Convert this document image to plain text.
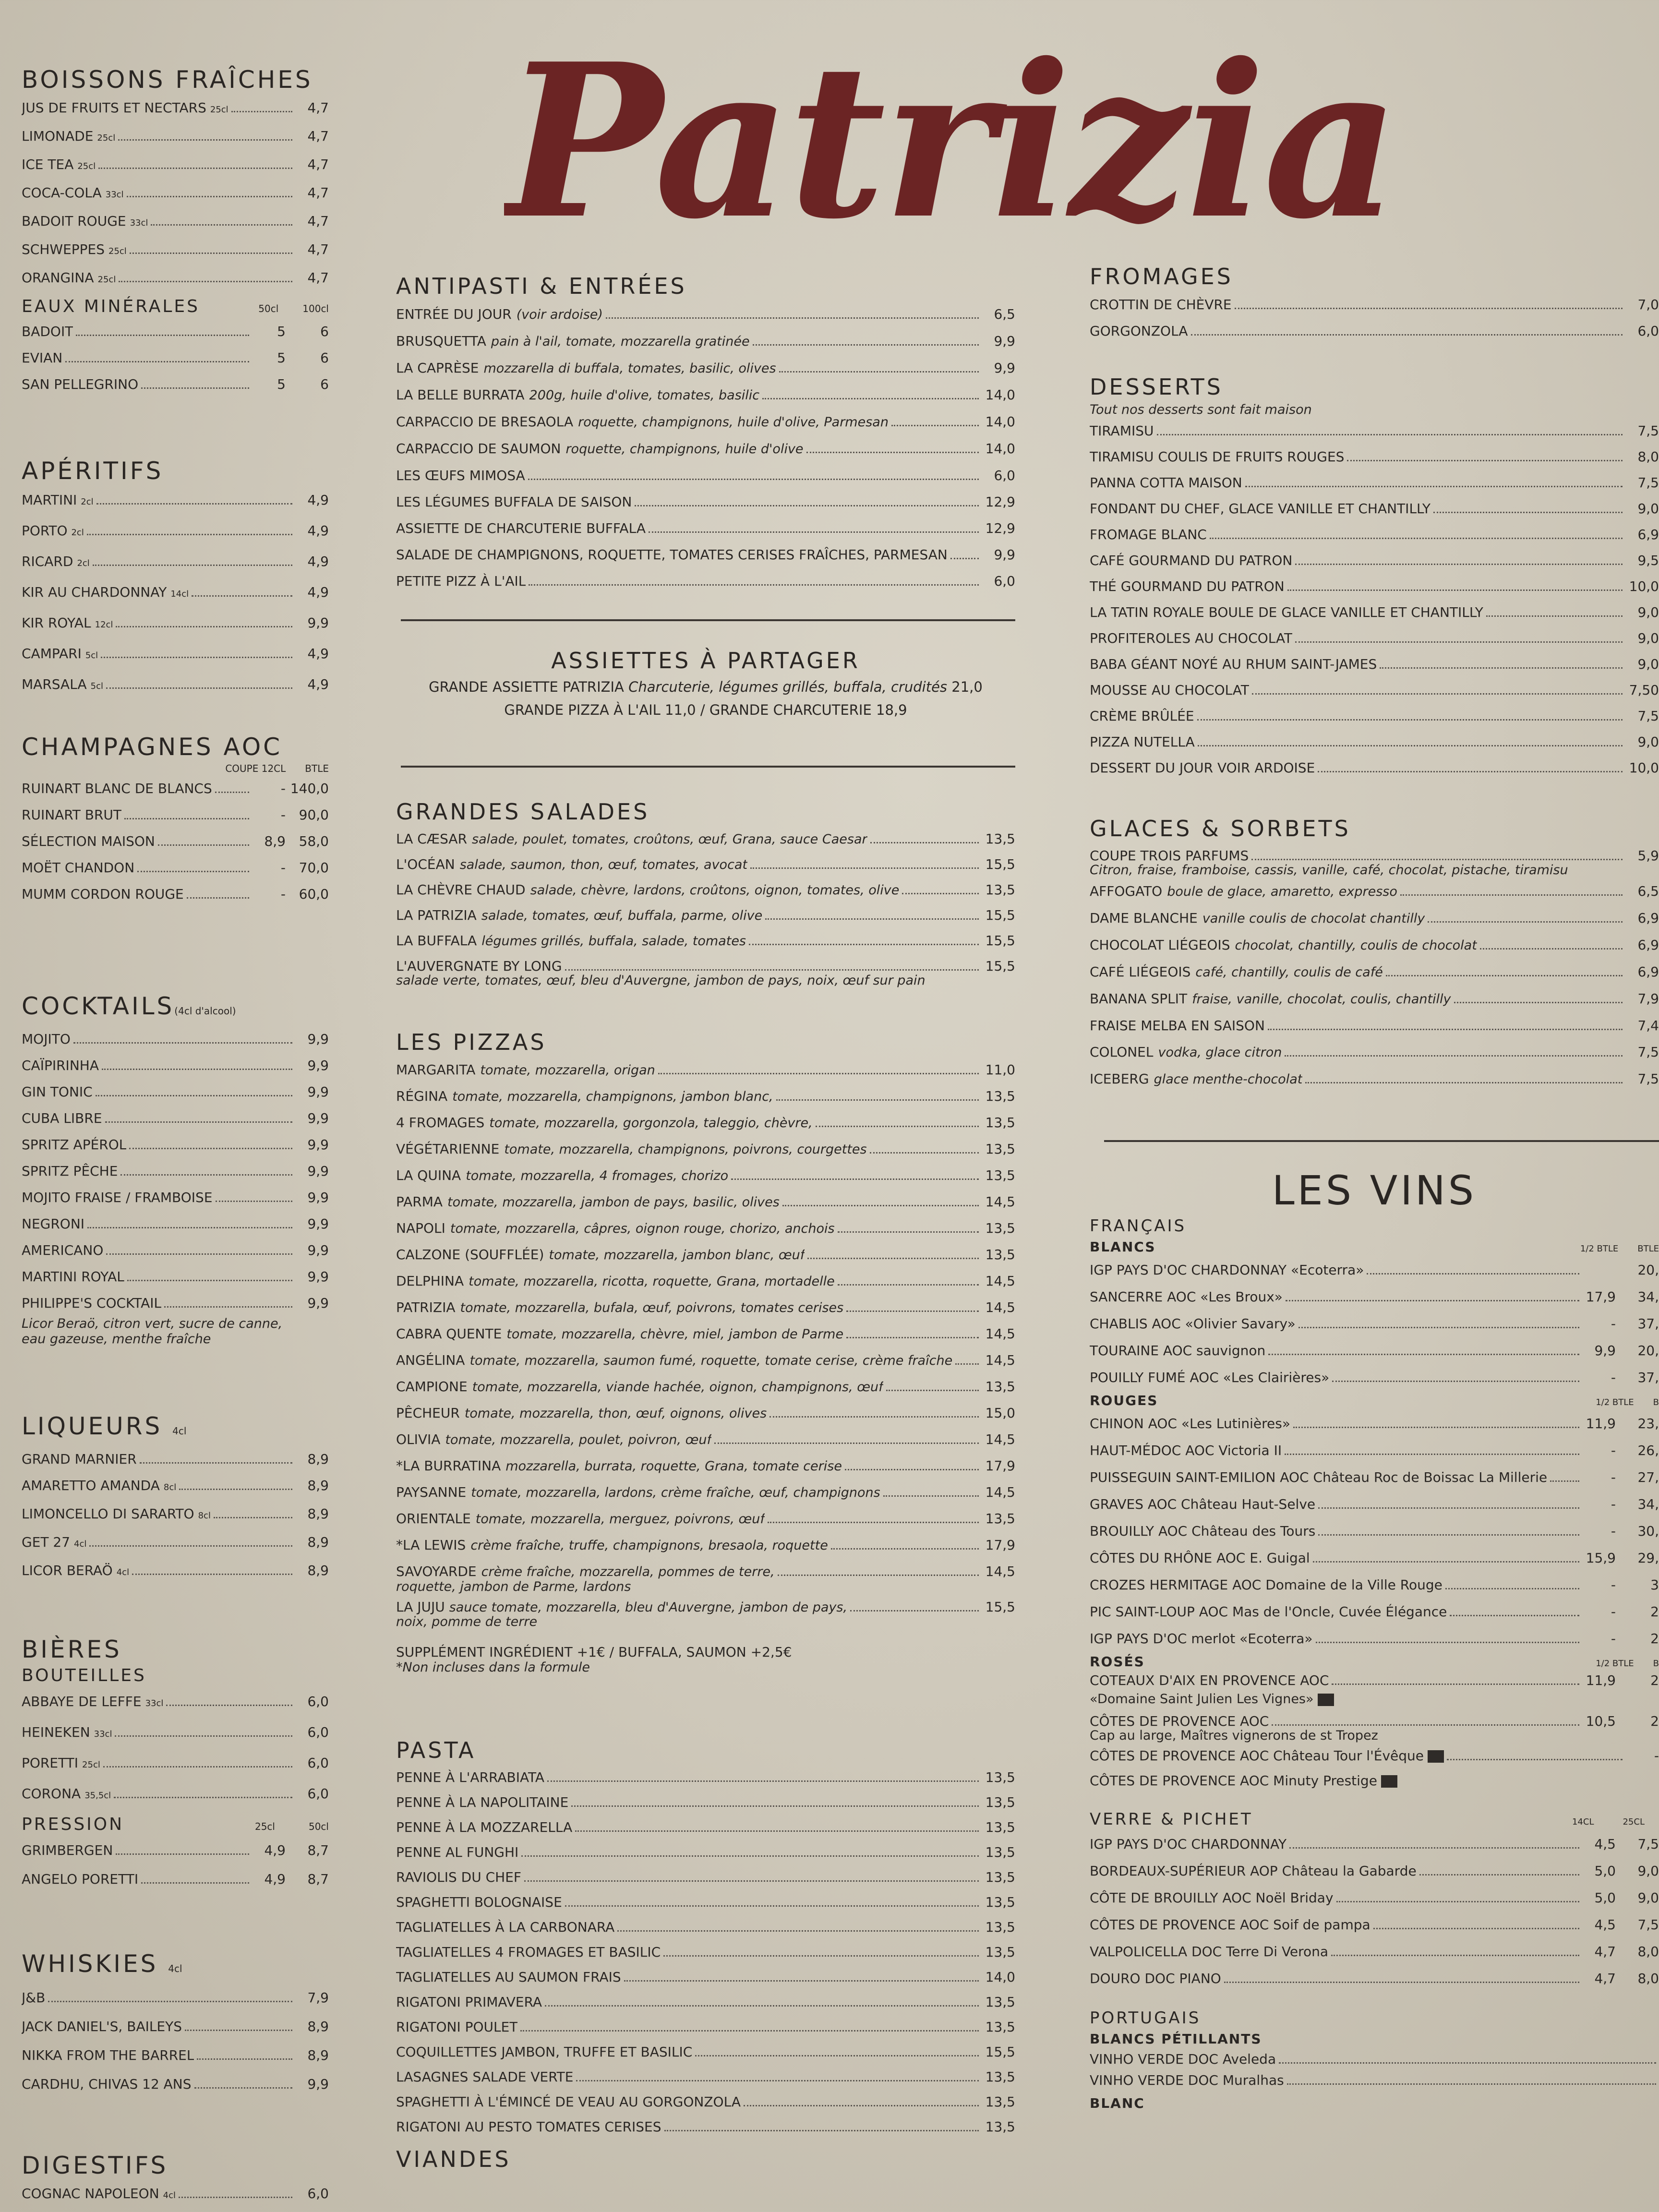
Patrizia
BOISSONS FRAÎCHES
JUS DE FRUITS ET NECTARS 25cl	4,7
LIMONADE 25cl	4,7
ICE TEA 25cl	4,7
COCA-COLA 33cl	4,7
BADOIT ROUGE 33cl	4,7
SCHWEPPES 25cl	4,7
ORANGINA 25cl	4,7
EAUX MINÉRALES	50cl	100cl
BADOIT	5	6
EVIAN	5	6
SAN PELLEGRINO	5	6
APÉRITIFS
MARTINI 2cl	4,9
PORTO 2cl	4,9
RICARD 2cl	4,9
KIR AU CHARDONNAY 14cl	4,9
KIR ROYAL 12cl	9,9
CAMPARI 5cl	4,9
MARSALA 5cl	4,9
CHAMPAGNES AOC
COUPE 12CL BTLE
RUINART BLANC DE BLANCS	- 140,0
RUINART BRUT	- 90,0
SÉLECTION MAISON	8,9 58,0
MOËT CHANDON	- 70,0
MUMM CORDON ROUGE	- 60,0
COCKTAILS(4cl d'alcool)
MOJITO	9,9
CAÏPIRINHA	9,9
GIN TONIC	9,9
CUBA LIBRE	9,9
SPRITZ APÉROL	9,9
SPRITZ PÊCHE	9,9
MOJITO FRAISE / FRAMBOISE	9,9
NEGRONI	9,9
AMERICANO	9,9
MARTINI ROYAL	9,9
PHILIPPE'S COCKTAIL	9,9
Licor Beraö, citron vert, sucre de canne,
eau gazeuse, menthe fraîche
LIQUEURS 4cl
GRAND MARNIER	8,9
AMARETTO AMANDA 8cl	8,9
LIMONCELLO DI SARARTO 8cl	8,9
GET 27 4cl	8,9
LICOR BERAÖ 4cl	8,9
BIÈRES
BOUTEILLES
ABBAYE DE LEFFE 33cl	6,0
HEINEKEN 33cl	6,0
PORETTI 25cl	6,0
CORONA 35,5cl	6,0
PRESSION	25cl	50cl
GRIMBERGEN	4,9	8,7
ANGELO PORETTI	4,9	8,7
WHISKIES 4cl
J&B	7,9
JACK DANIEL'S, BAILEYS	8,9
NIKKA FROM THE BARREL	8,9
CARDHU, CHIVAS 12 ANS	9,9
DIGESTIFS
COGNAC NAPOLEON 4cl	6,0
ANTIPASTI & ENTRÉES
ENTRÉE DU JOUR (voir ardoise)	6,5
BRUSQUETTA pain à l'ail, tomate, mozzarella gratinée	9,9
LA CAPRÈSE mozzarella di buffala, tomates, basilic, olives	9,9
LA BELLE BURRATA 200g, huile d'olive, tomates, basilic	14,0
CARPACCIO DE BRESAOLA roquette, champignons, huile d'olive, Parmesan	14,0
CARPACCIO DE SAUMON roquette, champignons, huile d'olive	14,0
LES ŒUFS MIMOSA	6,0
LES LÉGUMES BUFFALA DE SAISON	12,9
ASSIETTE DE CHARCUTERIE BUFFALA	12,9
SALADE DE CHAMPIGNONS, ROQUETTE, TOMATES CERISES FRAÎCHES, PARMESAN	9,9
PETITE PIZZ À L'AIL	6,0
ASSIETTES À PARTAGER
GRANDE ASSIETTE PATRIZIA Charcuterie, légumes grillés, buffala, crudités 21,0
GRANDE PIZZA À L'AIL 11,0 / GRANDE CHARCUTERIE 18,9
GRANDES SALADES
LA CÆSAR salade, poulet, tomates, croûtons, œuf, Grana, sauce Caesar	13,5
L'OCÉAN salade, saumon, thon, œuf, tomates, avocat	15,5
LA CHÈVRE CHAUD salade, chèvre, lardons, croûtons, oignon, tomates, olive	13,5
LA PATRIZIA salade, tomates, œuf, buffala, parme, olive	15,5
LA BUFFALA légumes grillés, buffala, salade, tomates	15,5
L'AUVERGNATE BY LONG	15,5
salade verte, tomates, œuf, bleu d'Auvergne, jambon de pays, noix, œuf sur pain
LES PIZZAS
MARGARITA tomate, mozzarella, origan	11,0
RÉGINA tomate, mozzarella, champignons, jambon blanc,	13,5
4 FROMAGES tomate, mozzarella, gorgonzola, taleggio, chèvre,	13,5
VÉGÉTARIENNE tomate, mozzarella, champignons, poivrons, courgettes	13,5
LA QUINA tomate, mozzarella, 4 fromages, chorizo	13,5
PARMA tomate, mozzarella, jambon de pays, basilic, olives	14,5
NAPOLI tomate, mozzarella, câpres, oignon rouge, chorizo, anchois	13,5
CALZONE (SOUFFLÉE) tomate, mozzarella, jambon blanc, œuf	13,5
DELPHINA tomate, mozzarella, ricotta, roquette, Grana, mortadelle	14,5
PATRIZIA tomate, mozzarella, bufala, œuf, poivrons, tomates cerises	14,5
CABRA QUENTE tomate, mozzarella, chèvre, miel, jambon de Parme	14,5
ANGÉLINA tomate, mozzarella, saumon fumé, roquette, tomate cerise, crème fraîche 14,5
CAMPIONE tomate, mozzarella, viande hachée, oignon, champignons, œuf	13,5
PÊCHEUR tomate, mozzarella, thon, œuf, oignons, olives	15,0
OLIVIA tomate, mozzarella, poulet, poivron, œuf	14,5
*LA BURRATINA mozzarella, burrata, roquette, Grana, tomate cerise	17,9
PAYSANNE tomate, mozzarella, lardons, crème fraîche, œuf, champignons	14,5
ORIENTALE tomate, mozzarella, merguez, poivrons, œuf	13,5
*LA LEWIS crème fraîche, truffe, champignons, bresaola, roquette	17,9
SAVOYARDE crème fraîche, mozzarella, pommes de terre,	14,5
roquette, jambon de Parme, lardons
LA JUJU sauce tomate, mozzarella, bleu d'Auvergne, jambon de pays,	15,5
noix, pomme de terre
SUPPLÉMENT INGRÉDIENT +1€ / BUFFALA, SAUMON +2,5€
*Non incluses dans la formule
PASTA
PENNE À L'ARRABIATA	13,5
PENNE À LA NAPOLITAINE	13,5
PENNE À LA MOZZARELLA	13,5
PENNE AL FUNGHI	13,5
RAVIOLIS DU CHEF	13,5
SPAGHETTI BOLOGNAISE	13,5
TAGLIATELLES À LA CARBONARA	13,5
TAGLIATELLES 4 FROMAGES ET BASILIC	13,5
TAGLIATELLES AU SAUMON FRAIS	14,0
RIGATONI PRIMAVERA	13,5
RIGATONI POULET	13,5
COQUILLETTES JAMBON, TRUFFE ET BASILIC	15,5
LASAGNES SALADE VERTE	13,5
SPAGHETTI À L'ÉMINCÉ DE VEAU AU GORGONZOLA	13,5
RIGATONI AU PESTO TOMATES CERISES	13,5
VIANDES
FROMAGES
CROTTIN DE CHÈVRE	7,0
GORGONZOLA	6,0
DESSERTS
Tout nos desserts sont fait maison
TIRAMISU	7,5
TIRAMISU COULIS DE FRUITS ROUGES	8,0
PANNA COTTA MAISON	7,5
FONDANT DU CHEF, GLACE VANILLE ET CHANTILLY	9,0
FROMAGE BLANC	6,9
CAFÉ GOURMAND DU PATRON	9,5
THÉ GOURMAND DU PATRON	10,0
LA TATIN ROYALE BOULE DE GLACE VANILLE ET CHANTILLY	9,0
PROFITEROLES AU CHOCOLAT	9,0
BABA GÉANT NOYÉ AU RHUM SAINT-JAMES	9,0
MOUSSE AU CHOCOLAT	7,50
CRÈME BRÛLÉE	7,5
PIZZA NUTELLA	9,0
DESSERT DU JOUR VOIR ARDOISE	10,0
GLACES & SORBETS
COUPE TROIS PARFUMS	5,9
Citron, fraise, framboise, cassis, vanille, café, chocolat, pistache, tiramisu
AFFOGATO boule de glace, amaretto, expresso	6,5
DAME BLANCHE vanille coulis de chocolat chantilly	6,9
CHOCOLAT LIÉGEOIS chocolat, chantilly, coulis de chocolat	6,9
CAFÉ LIÉGEOIS café, chantilly, coulis de café	6,9
BANANA SPLIT fraise, vanille, chocolat, coulis, chantilly	7,9
FRAISE MELBA EN SAISON	7,4
COLONEL vodka, glace citron	7,5
ICEBERG glace menthe-chocolat	7,5
LES VINS
FRANÇAIS
BLANCS	1/2 BTLE BTLE
IGP PAYS D'OC CHARDONNAY «Ecoterra»	20,
SANCERRE AOC «Les Broux»	17,9	34,
CHABLIS AOC «Olivier Savary»	-	37,
TOURAINE AOC sauvignon	9,9	20,
POUILLY FUMÉ AOC «Les Clairières»	-	37,
ROUGES	1/2 BTLE B
CHINON AOC «Les Lutinières»	11,9	23,
HAUT-MÉDOC AOC Victoria II	-	26,
PUISSEGUIN SAINT-EMILION AOC Château Roc de Boissac La Millerie	-	27,
GRAVES AOC Château Haut-Selve	-	34,
BROUILLY AOC Château des Tours	-	30,
CÔTES DU RHÔNE AOC E. Guigal	15,9	29,
CROZES HERMITAGE AOC Domaine de la Ville Rouge	-	3
PIC SAINT-LOUP AOC Mas de l'Oncle, Cuvée Élégance	-	2
IGP PAYS D'OC merlot «Ecoterra»	-	2
ROSÉS	1/2 BTLE B
COTEAUX D'AIX EN PROVENCE AOC	11,9	2
«Domaine Saint Julien Les Vignes»
CÔTES DE PROVENCE AOC	10,5	2
Cap au large, Maîtres vignerons de st Tropez
CÔTES DE PROVENCE AOC Château Tour l'Évêque	-
CÔTES DE PROVENCE AOC Minuty Prestige
VERRE & PICHET	14CL	25CL
IGP PAYS D'OC CHARDONNAY	4,5	7,5
BORDEAUX-SUPÉRIEUR AOP Château la Gabarde	5,0	9,0
CÔTE DE BROUILLY AOC Noël Briday	5,0	9,0
CÔTES DE PROVENCE AOC Soif de pampa	4,5	7,5
VALPOLICELLA DOC Terre Di Verona	4,7	8,0
DOURO DOC PIANO	4,7	8,0
PORTUGAIS
BLANCS PÉTILLANTS
VINHO VERDE DOC Aveleda
VINHO VERDE DOC Muralhas
BLANC
